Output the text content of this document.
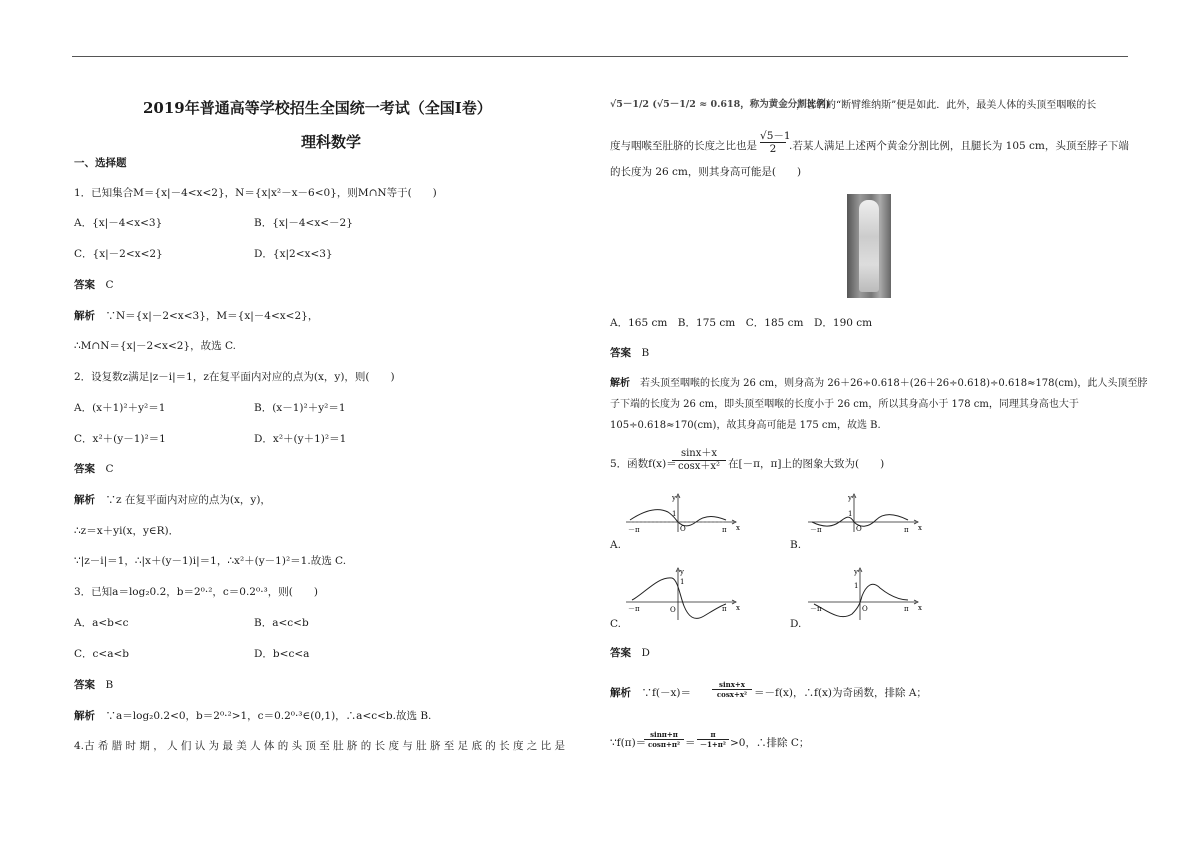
2019年普通高等学校招生全国统一考试（全国Ⅰ卷）
理科数学
一、选择题
1．已知集合M＝{x|－4<x<2}，N＝{x|x²－x－6<0}，则M∩N等于(　　)
A．{x|－4<x<3}	B．{x|－4<x<－2}
C．{x|－2<x<2}	D．{x|2<x<3}
答案　 C
解析　 ∵N＝{x|－2<x<3}，M＝{x|－4<x<2}，
∴M∩N＝{x|－2<x<2}，故选 C.
2．设复数z满足|z－i|＝1，z在复平面内对应的点为(x，y)，则(　　)
A．(x＋1)²＋y²＝1	B．(x－1)²＋y²＝1
C．x²＋(y－1)²＝1	D．x²＋(y＋1)²＝1
答案　 C
解析　 ∵z 在复平面内对应的点为(x，y)，
∴z＝x＋yi(x，y∈R)．
∵|z－i|＝1，∴|x＋(y－1)i|＝1，∴x²＋(y－1)²＝1.故选 C.
3．已知a＝log₂0.2，b＝2⁰·²，c＝0.2⁰·³，则(　　)
A．a<b<c	B．a<c<b
C．c<a<b	D．b<c<a
答案　 B
解析　 ∵a＝log₂0.2<0，b＝2⁰·²>1，c＝0.2⁰·³∈(0,1)，∴a<c<b.故选 B.
4.古 希 腊 时 期 ， 人 们 认 为 最 美 人 体 的 头 顶 至 肚 脐 的 长 度 与 肚 脐 至 足 底 的 长 度 之 比 是
√5－1/2 (√5－1/2 ≈ 0.618，称为黄金分割比例)
，著名的“断臂维纳斯”便是如此．此外，最美人体的头顶至咽喉的长
度与咽喉至肚脐的长度之比也是 $\frac{√5-1}{2}$ .若某人满足上述两个黄金分割比例，且腿长为 105 cm，头顶至脖子下端
的长度为 26 cm，则其身高可能是(　　)
A．165 cm　B．175 cm　C．185 cm　D．190 cm
答案　 B
解析　 若头顶至咽喉的长度为 26 cm，则身高为 26＋26÷0.618＋(26＋26÷0.618)÷0.618≈178(cm)，此人头顶至脖
子下端的长度为 26 cm，即头顶至咽喉的长度小于 26 cm，所以其身高小于 178 cm，同理其身高也大于
105÷0.618≈170(cm)，故其身高可能是 175 cm，故选 B.
5．函数f(x)＝
$\frac{\sin x+x}{\text{cosx＋x²}}$ 在[－π，π]上的图象大致为(　　)
－π	π
O	x
y
1
A.
－π	π
O	x
y
1
B.
－π	π
O	x
y
1
C.
－π	π
O	x
y
1
D.
答案　 D
解析　 ∵f(－x)＝	$\frac{\sin x+x}{\text{cosx+x²}} =-f(x)$，∴f(x)为奇函数，排除 A；
∵f(π)＝
$\frac{\sin\pi+\pi}{\text{cosπ+π²}} = \frac{\pi}{\text{－1+π²}} >0$，∴排除 C；
